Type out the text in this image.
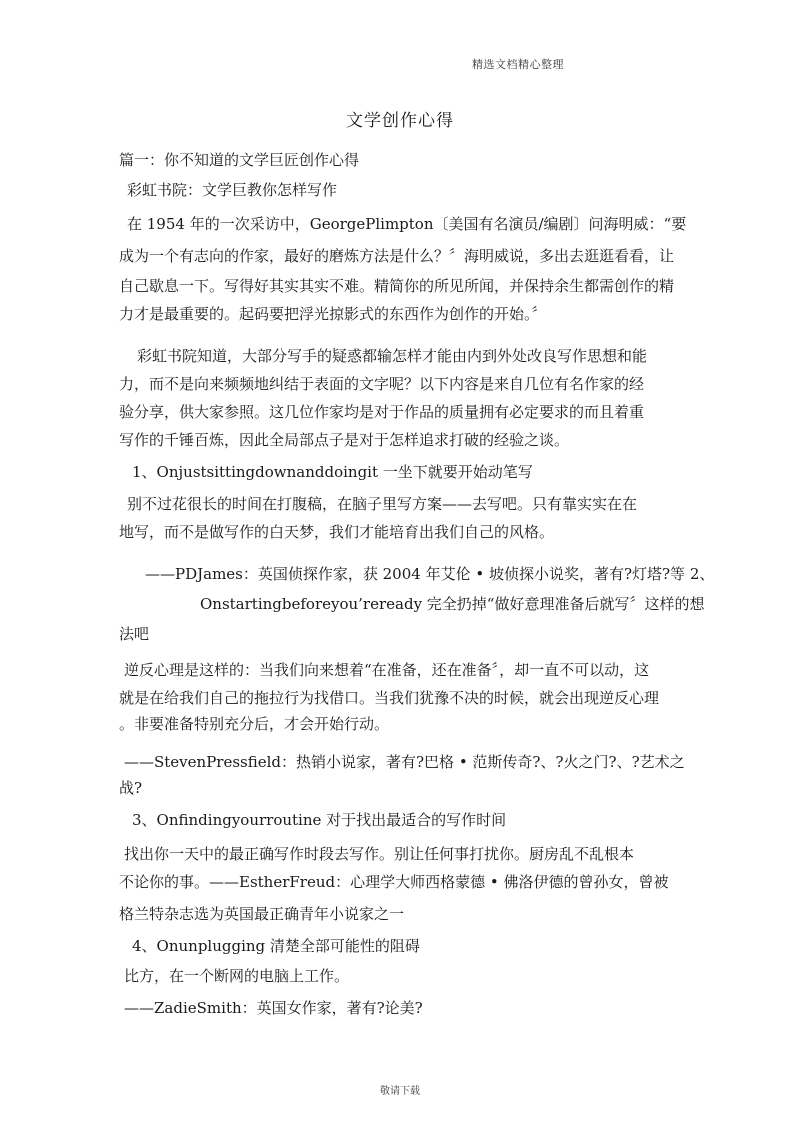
精选文档精心整理
文学创作心得
篇一：你不知道的文学巨匠创作心得
彩虹书院：文学巨教你怎样写作
在 1954 年的一次采访中，GeorgePlimpton〔美国有名演员/编剧〕问海明威：“要
成为一个有志向的作家，最好的磨炼方法是什么？〞海明威说，多出去逛逛看看，让
自己歇息一下。写得好其实其实不难。精简你的所见所闻，并保持余生都需创作的精
力才是最重要的。起码要把浮光掠影式的东西作为创作的开始。〞
彩虹书院知道，大部分写手的疑惑都输怎样才能由内到外处改良写作思想和能
力，而不是向来频频地纠结于表面的文字呢？以下内容是来自几位有名作家的经
验分享，供大家参照。这几位作家均是对于作品的质量拥有必定要求的而且着重
写作的千锤百炼，因此全局部点子是对于怎样追求打破的经验之谈。
1、Onjustsittingdownanddoingit 一坐下就要开始动笔写
别不过花很长的时间在打腹稿，在脑子里写方案——去写吧。只有靠实实在在
地写，而不是做写作的白天梦，我们才能培育出我们自己的风格。
——PDJames：英国侦探作家，获 2004 年艾伦 • 坡侦探小说奖，著有?灯塔?等 2、
Onstartingbeforeyou’reready 完全扔掉“做好意理准备后就写〞这样的想
法吧
逆反心理是这样的：当我们向来想着“在准备，还在准备〞，却一直不可以动，这
就是在给我们自己的拖拉行为找借口。当我们犹豫不决的时候，就会出现逆反心理
。非要准备特别充分后，才会开始行动。
——StevenPressfield：热销小说家，著有?巴格 • 范斯传奇?、?火之门?、?艺术之
战?
3、Onfindingyourroutine 对于找出最适合的写作时间
找出你一天中的最正确写作时段去写作。别让任何事打扰你。厨房乱不乱根本
不论你的事。——EstherFreud：心理学大师西格蒙德 • 佛洛伊德的曾孙女，曾被
格兰特杂志选为英国最正确青年小说家之一
4、Onunplugging 清楚全部可能性的阻碍
比方，在一个断网的电脑上工作。
——ZadieSmith：英国女作家，著有?论美?
敬请下载
